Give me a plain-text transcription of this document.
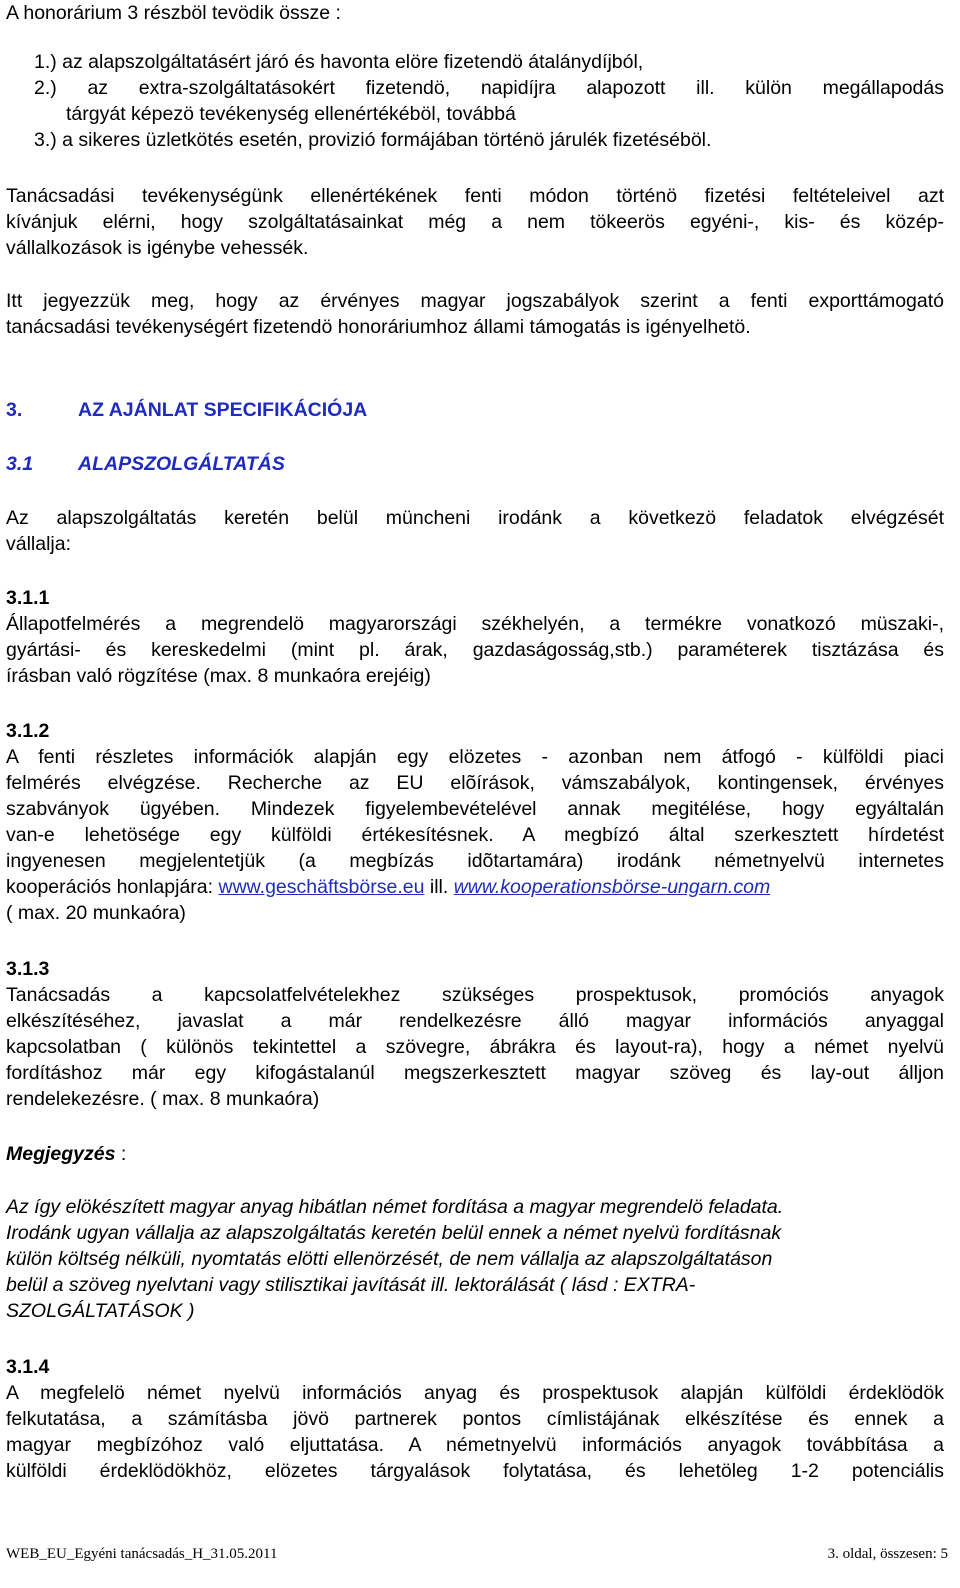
A honorárium 3 részböl tevödik össze :
1.) az alapszolgáltatásért járó és havonta elöre fizetendö átalánydíjból,
2.) az extra-szolgáltatásokért fizetendö, napidíjra alapozott ill. külön megállapodás
tárgyát képezö tevékenység ellenértékéböl, továbbá
3.) a sikeres üzletkötés esetén, provizió formájában történö járulék fizetéséböl.
Tanácsadási tevékenységünk ellenértékének fenti módon történö fizetési feltételeivel azt
kívánjuk elérni, hogy szolgáltatásainkat még a nem tökeerös egyéni-, kis- és közép-
vállalkozások is igénybe vehessék.
Itt jegyezzük meg, hogy az érvényes magyar jogszabályok szerint a fenti exporttámogató
tanácsadási tevékenységért fizetendö honoráriumhoz állami támogatás is igényelhetö.
3.	AZ AJÁNLAT SPECIFIKÁCIÓJA
3.1 ALAPSZOLGÁLTATÁS
Az alapszolgáltatás keretén belül müncheni irodánk a következö feladatok elvégzését
vállalja:
3.1.1
Állapotfelmérés a megrendelö magyarországi székhelyén, a termékre vonatkozó müszaki-,
gyártási- és kereskedelmi (mint pl. árak, gazdaságosság,stb.) paraméterek tisztázása és
írásban való rögzítése (max. 8 munkaóra erejéig)
3.1.2
A fenti részletes információk alapján egy elözetes - azonban nem átfogó - külföldi piaci
felmérés elvégzése. Recherche az EU elõírások, vámszabályok, kontingensek, érvényes
szabványok ügyében. Mindezek figyelembevételével annak megitélése, hogy egyáltalán
van-e lehetösége egy külföldi értékesítésnek. A megbízó által szerkesztett hírdetést
ingyenesen megjelentetjük (a megbízás idõtartamára) irodánk németnyelvü internetes
kooperációs honlapjára: www.geschäftsbörse.eu ill. www.kooperationsbörse-ungarn.com
( max. 20 munkaóra)
3.1.3
Tanácsadás a kapcsolatfelvételekhez szükséges prospektusok, promóciós anyagok
elkészítéséhez, javaslat a már rendelkezésre álló magyar információs anyaggal
kapcsolatban ( különös tekintettel a szövegre, ábrákra és layout-ra), hogy a német nyelvü
fordításhoz már egy kifogástalanúl megszerkesztett magyar szöveg és lay-out álljon
rendelekezésre. ( max. 8 munkaóra)
Megjegyzés :
Az így elökészített magyar anyag hibátlan német fordítása a magyar megrendelö feladata.
Irodánk ugyan vállalja az alapszolgáltatás keretén belül ennek a német nyelvü fordításnak
külön költség nélküli, nyomtatás elötti ellenörzését, de nem vállalja az alapszolgáltatáson
belül a szöveg nyelvtani vagy stilisztikai javítását ill. lektorálását ( lásd : EXTRA-
SZOLGÁLTATÁSOK )
3.1.4
A megfelelö német nyelvü információs anyag és prospektusok alapján külföldi érdeklödök
felkutatása, a számításba jövö partnerek pontos címlistájának elkészítése és ennek a
magyar megbízóhoz való eljuttatása. A németnyelvü információs anyagok továbbítása a
külföldi érdeklödökhöz, elözetes tárgyalások folytatása, és lehetöleg 1-2 potenciális
WEB_EU_Egyéni tanácsadás_H_31.05.2011	3. oldal, összesen: 5
